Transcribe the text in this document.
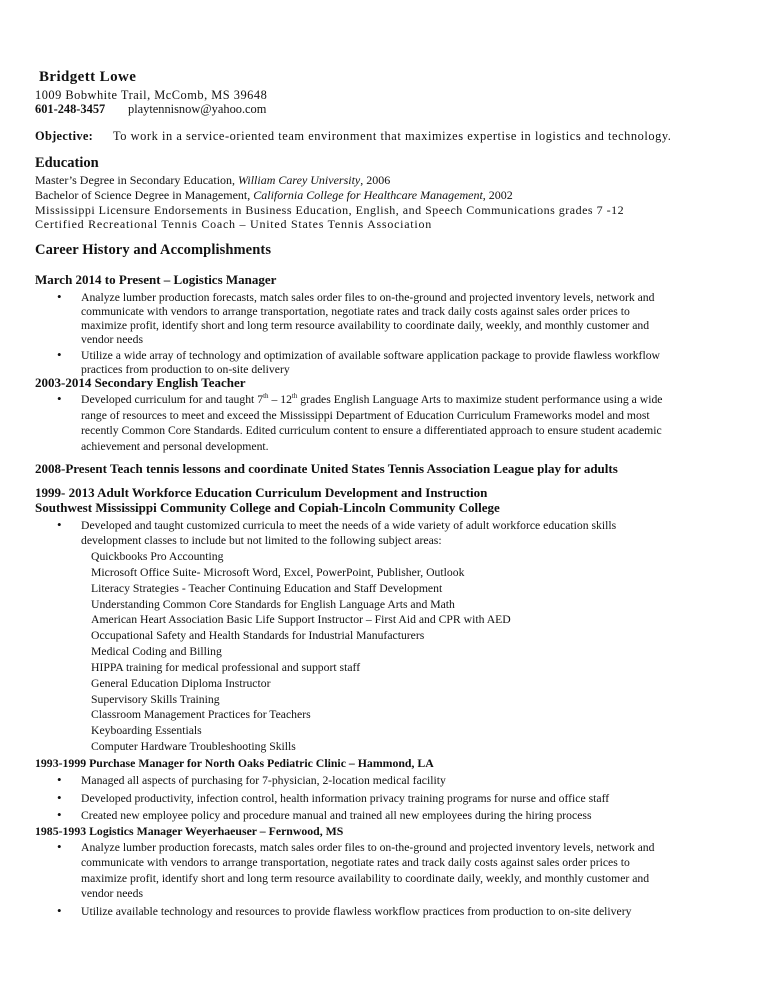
Bridgett Lowe
1009 Bobwhite Trail, McComb, MS 39648
601-248-3457 playtennisnow@yahoo.com
Objective: To work in a service-oriented team environment that maximizes expertise in logistics and technology.
Education
Master’s Degree in Secondary Education, William Carey University, 2006
Bachelor of Science Degree in Management, California College for Healthcare Management, 2002
Mississippi Licensure Endorsements in Business Education, English, and Speech Communications grades 7 -12
Certified Recreational Tennis Coach – United States Tennis Association
Career History and Accomplishments
March 2014 to Present – Logistics Manager
• Analyze lumber production forecasts, match sales order files to on-the-ground and projected inventory levels, network and
communicate with vendors to arrange transportation, negotiate rates and track daily costs against sales order prices to
maximize profit, identify short and long term resource availability to coordinate daily, weekly, and monthly customer and
vendor needs
• Utilize a wide array of technology and optimization of available software application package to provide flawless workflow
practices from production to on-site delivery
2003-2014 Secondary English Teacher
• Developed curriculum for and taught 7th – 12th grades English Language Arts to maximize student performance using a wide
range of resources to meet and exceed the Mississippi Department of Education Curriculum Frameworks model and most
recently Common Core Standards. Edited curriculum content to ensure a differentiated approach to ensure student academic
achievement and personal development.
2008-Present Teach tennis lessons and coordinate United States Tennis Association League play for adults
1999- 2013 Adult Workforce Education Curriculum Development and Instruction
Southwest Mississippi Community College and Copiah-Lincoln Community College
• Developed and taught customized curricula to meet the needs of a wide variety of adult workforce education skills
development classes to include but not limited to the following subject areas:
Quickbooks Pro Accounting
Microsoft Office Suite- Microsoft Word, Excel, PowerPoint, Publisher, Outlook
Literacy Strategies - Teacher Continuing Education and Staff Development
Understanding Common Core Standards for English Language Arts and Math
American Heart Association Basic Life Support Instructor – First Aid and CPR with AED
Occupational Safety and Health Standards for Industrial Manufacturers
Medical Coding and Billing
HIPPA training for medical professional and support staff
General Education Diploma Instructor
Supervisory Skills Training
Classroom Management Practices for Teachers
Keyboarding Essentials
Computer Hardware Troubleshooting Skills
1993-1999 Purchase Manager for North Oaks Pediatric Clinic – Hammond, LA
• Managed all aspects of purchasing for 7-physician, 2-location medical facility
• Developed productivity, infection control, health information privacy training programs for nurse and office staff
• Created new employee policy and procedure manual and trained all new employees during the hiring process
1985-1993 Logistics Manager Weyerhaeuser – Fernwood, MS
• Analyze lumber production forecasts, match sales order files to on-the-ground and projected inventory levels, network and
communicate with vendors to arrange transportation, negotiate rates and track daily costs against sales order prices to
maximize profit, identify short and long term resource availability to coordinate daily, weekly, and monthly customer and
vendor needs
• Utilize available technology and resources to provide flawless workflow practices from production to on-site delivery
